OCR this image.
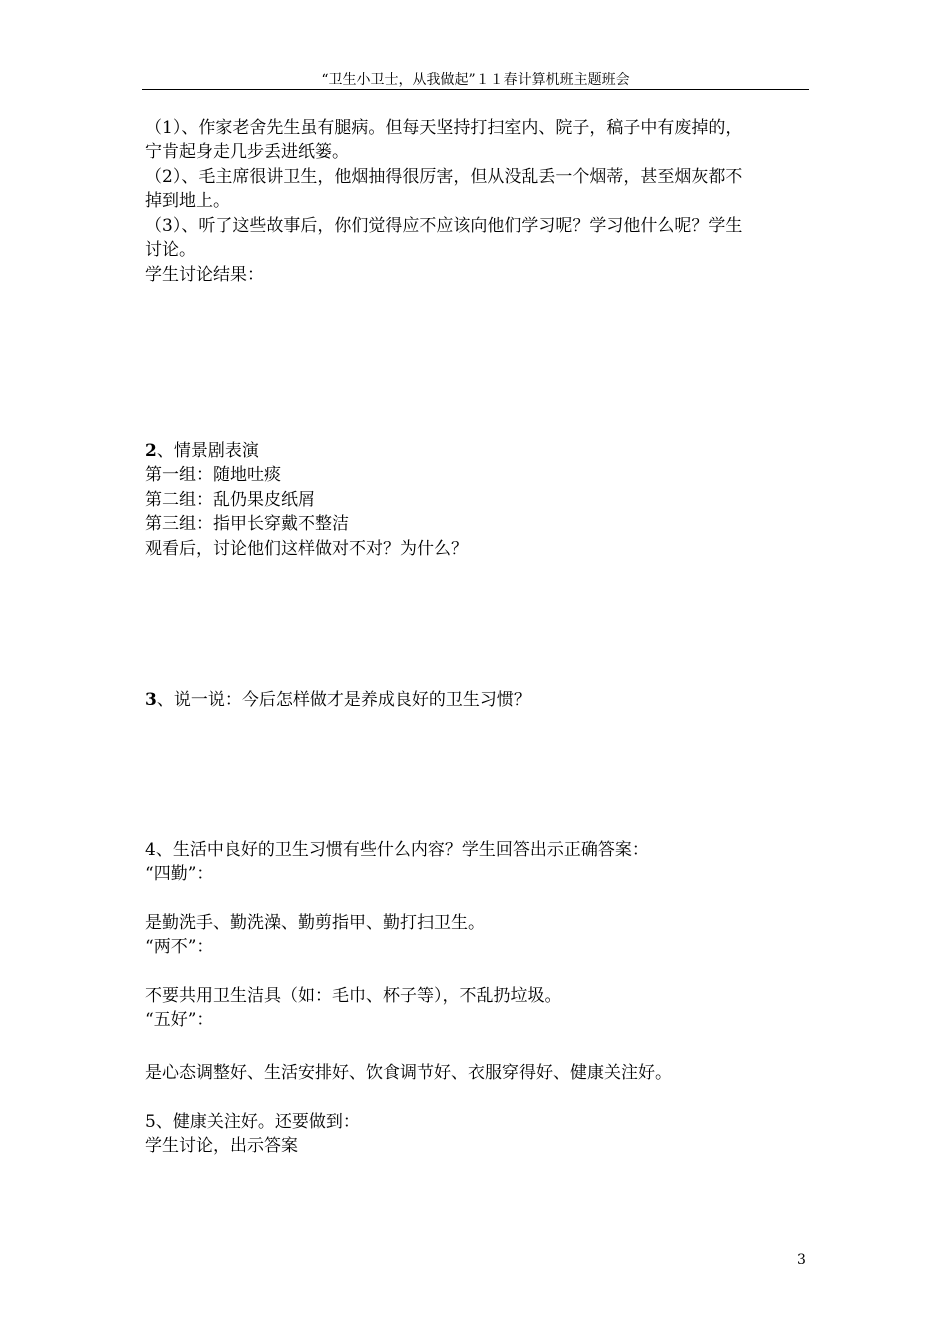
“卫生小卫士，从我做起”１１春计算机班主题班会
（1）、作家老舍先生虽有腿病。但每天坚持打扫室内、院子，稿子中有废掉的，
宁肯起身走几步丢进纸篓。
（2）、毛主席很讲卫生，他烟抽得很厉害，但从没乱丢一个烟蒂，甚至烟灰都不
掉到地上。
（3）、听了这些故事后，你们觉得应不应该向他们学习呢？学习他什么呢？学生
讨论。
学生讨论结果：
2、情景剧表演
第一组：随地吐痰
第二组：乱仍果皮纸屑
第三组：指甲长穿戴不整洁
观看后，讨论他们这样做对不对？为什么？
3、说一说：今后怎样做才是养成良好的卫生习惯？
4、生活中良好的卫生习惯有些什么内容？学生回答出示正确答案：
“四勤”：
是勤洗手、勤洗澡、勤剪指甲、勤打扫卫生。
“两不”：
不要共用卫生洁具（如：毛巾、杯子等），不乱扔垃圾。
“五好”：
是心态调整好、生活安排好、饮食调节好、衣服穿得好、健康关注好。
5、健康关注好。还要做到：
学生讨论，出示答案
3
